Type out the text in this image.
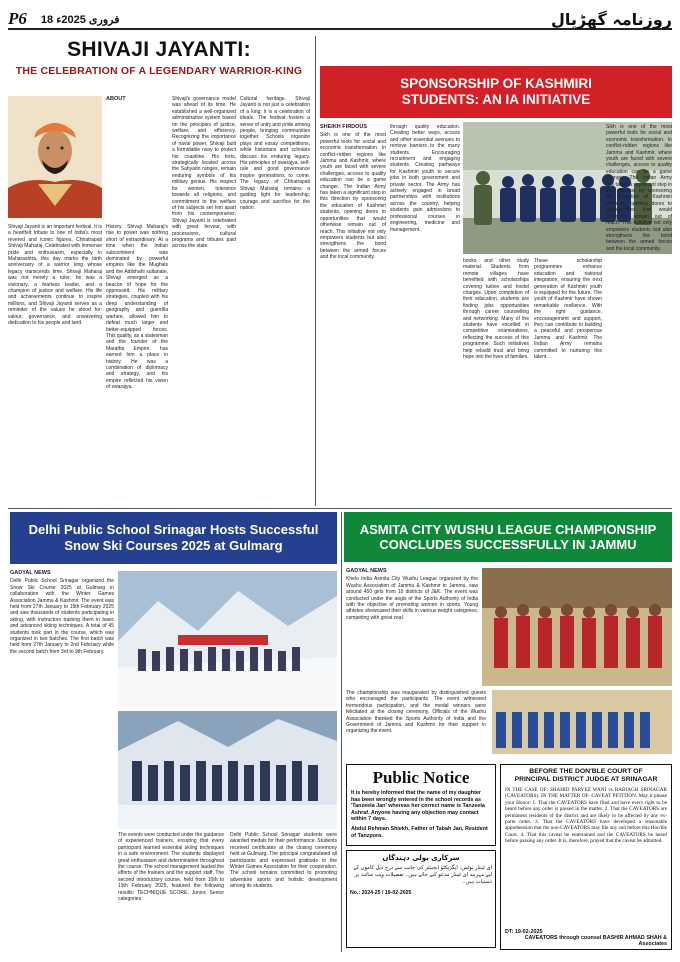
P6 18 فروری 2025ء	روزنامہ گھڑیال
SHIVAJI JAYANTI:
THE CELEBRATION OF A LEGENDARY WARRIOR-KING
ABOUT
Shivaji Jayanti is an important festival. It is a heartfelt tribute to one of India's most revered and iconic figures, Chhatrapati Shivaji Maharaj. Celebrated with immense pride and enthusiasm, especially in Maharashtra, this day marks the birth anniversary of a warrior king whose legacy transcends time. Shivaji Maharaj was not merely a ruler; he was a visionary, a fearless leader, and a champion of justice and welfare. His life and achievements continue to inspire millions, and Shivaji Jayanti serves as a reminder of the values he stood for: valour, governance, and unwavering dedication to his people and land.
History. Shivaji Maharaj's rise to power was nothing short of extraordinary. At a time when the Indian subcontinent was dominated by powerful empires like the Mughals and the Adilshahi sultanate, Shivaji emerged as a beacon of hope for the oppressed. His military strategies, coupled with his deep understanding of geography and guerrilla warfare, allowed him to defeat much larger and better-equipped forces. This quality, as a statesman and the founder of the Maratha Empire, has earned him a place in history. He was a combination of diplomacy and strategy, and his empire reflected his vision of swarajya.
Shivaji's governance model was ahead of its time. He established a well-organized administrative system based on the principles of justice, welfare, and efficiency. Recognizing the importance of naval power, Shivaji built a formidable navy to protect his coastline. His forts, strategically located across the Sahyadri ranges, remain enduring symbols of his military genius. His respect for women, tolerance towards all religions, and commitment to the welfare of his subjects set him apart from his contemporaries. Shivaji Jayanti is celebrated with great fervour, with processions, cultural programs and tributes paid across the state.
Cultural heritage. Shivaji Jayanti is not just a celebration of a king; it is a celebration of ideals. The festival fosters a sense of unity and pride among people, bringing communities together. Schools organize plays and essay competitions, while historians and scholars discuss his enduring legacy. His principles of swarajya, self-rule and good governance inspire generations to come. The legacy of Chhatrapati Shivaji Maharaj remains a guiding light for leadership, courage and sacrifice for the nation.
SPONSORSHIP OF KASHMIRI
STUDENTS: AN IA INITIATIVE
SHEIKH FIRDOUS
Sikh is one of the most powerful tools for social and economic transformation. In conflict-ridden regions like Jammu and Kashmir, where youth are faced with severe challenges, access to quality education can be a game changer. The Indian Army has taken a significant step in this direction by sponsoring the education of Kashmiri students, opening doors to opportunities that would otherwise remain out of reach. This initiative not only empowers students but also strengthens the bond between the armed forces and the local community.
through quality education. Creating better ways, access and other essential avenues to remove barriers to the many students. Encouraging recruitment and engaging students. Creating pathways for Kashmiri youth to secure jobs in both government and private sector. The Army has actively engaged in broad partnerships with institutions across the country, helping students gain admissions to professional courses in engineering, medicine and management.
books, and other study material. Students from remote villages have benefited with scholarships covering tuition and hostel charges. Upon completion of their education, students are finding jobs opportunities through career counselling and networking. Many of the students have excelled in competitive examinations, reflecting the success of this programme. Such initiatives help rebuild trust and bring hope into the lives of families.
These scholarship programmes enhance education and national integration, ensuring the next generation of Kashmiri youth is equipped for the future. The youth of Kashmir have shown remarkable resilience. With the right guidance, encouragement and support, they can contribute to building a peaceful and prosperous Jammu and Kashmir. The Indian Army remains committed to nurturing this talent.
Sikh is one of the most powerful tools for social and economic transformation. In conflict-ridden regions like Jammu and Kashmir, where youth are faced with severe challenges, access to quality education can be a game changer. The Indian Army has taken a significant step in this direction by sponsoring the education of Kashmiri students, opening doors to opportunities that would otherwise remain out of reach. This initiative not only empowers students but also strengthens the bond between the armed forces and the local community.
Delhi Public School Srinagar Hosts Successful
Snow Ski Courses 2025 at Gulmarg
GADYAL NEWS
Delhi Public School Srinagar organized the Snow Ski Course 2025 at Gulmarg in collaboration with the Winter Games Association Jammu & Kashmir. The event was held from 27th January to 19th February 2025 and saw thousands of students participating in skiing, with instructors training them in basic and advanced skiing techniques. A total of 45 students took part in the course, which was organized in two batches. The first batch was held from 27th January to 2nd February while the second batch from 3rd to 9th February.
The events were conducted under the guidance of experienced trainers, ensuring that every participant learned essential skiing techniques in a safe environment. The students displayed great enthusiasm and determination throughout the course. The school management lauded the efforts of the trainers and the support staff. The second introductory course, held from 10th to 19th February 2025, featured the following results: TECHNIQUE SCORE, Junior, Senior categories.
Delhi Public School Srinagar students were awarded medals for their performance. Students received certificates at the closing ceremony held at Gulmarg. The principal congratulated all participants and expressed gratitude to the Winter Games Association for their cooperation. The school remains committed to promoting adventure sports and holistic development among its students.
ASMITA CITY WUSHU LEAGUE CHAMPIONSHIP
CONCLUDES SUCCESSFULLY IN JAMMU
GADYAL NEWS
Khelo India Asmita City Wushu League organized by the Wushu Association of Jammu & Kashmir in Jammu, saw around 450 girls from 10 districts of J&K. The event was conducted under the aegis of the Sports Authority of India with the objective of promoting women in sports. Young athletes showcased their skills in various weight categories, competing with great zeal.
The championship was inaugurated by distinguished guests who encouraged the participants. The event witnessed tremendous participation, and the medal winners were felicitated at the closing ceremony. Officials of the Wushu Association thanked the Sports Authority of India and the Government of Jammu and Kashmir for their support in organizing the event.
Public Notice
It is hereby informed that the name of my daughter has been wrongly entered in the school records as 'Tanzeela Jan' whereas her correct name is Tanzeela Ashraf. Anyone having any objection may contact within 7 days.
Abdul Rehman Shiekh, Father of Tabah Jan, Resident of Tanzpora.
سرکاری بولی دہندگان
ای ٹینڈر نوٹس: ایگزیکٹو انجینئر کی جانب سے درج ذیل کاموں کے لیے مہربند ای ٹینڈر مدعو کیے جاتے ہیں۔ تفصیلات ویب سائٹ پر دستیاب ہیں۔
No.: 2024-25 / 19-02-2025
BEFORE THE DON'BLE COURT OF
PRINCIPAL DISTRICT JUDGE AT SRINAGAR
IN THE CASE OF: SHAHID PARVEZ WANI vs RABIAGH SRINAGAR (CAVEATORS). IN THE MATTER OF: CAVEAT PETITION. May it please your Honor: 1. That the CAVEATORS have filed and have every right to be heard before any order is passed in the matter. 2. That the CAVEATORS are permanent residents of the district and are likely to be affected by any ex-parte order. 3. That the CAVEATORS have developed a reasonable apprehension that the non-CAVEATORS may file any suit before this Hon'ble Court. 4. That this caveat be entertained and the CAVEATORS be heard before passing any order. It is, therefore, prayed that the caveat be admitted.
DT: 19-02-2025
CAVEATORS through counsel BASHIR AHMAD SHAH & Associates
